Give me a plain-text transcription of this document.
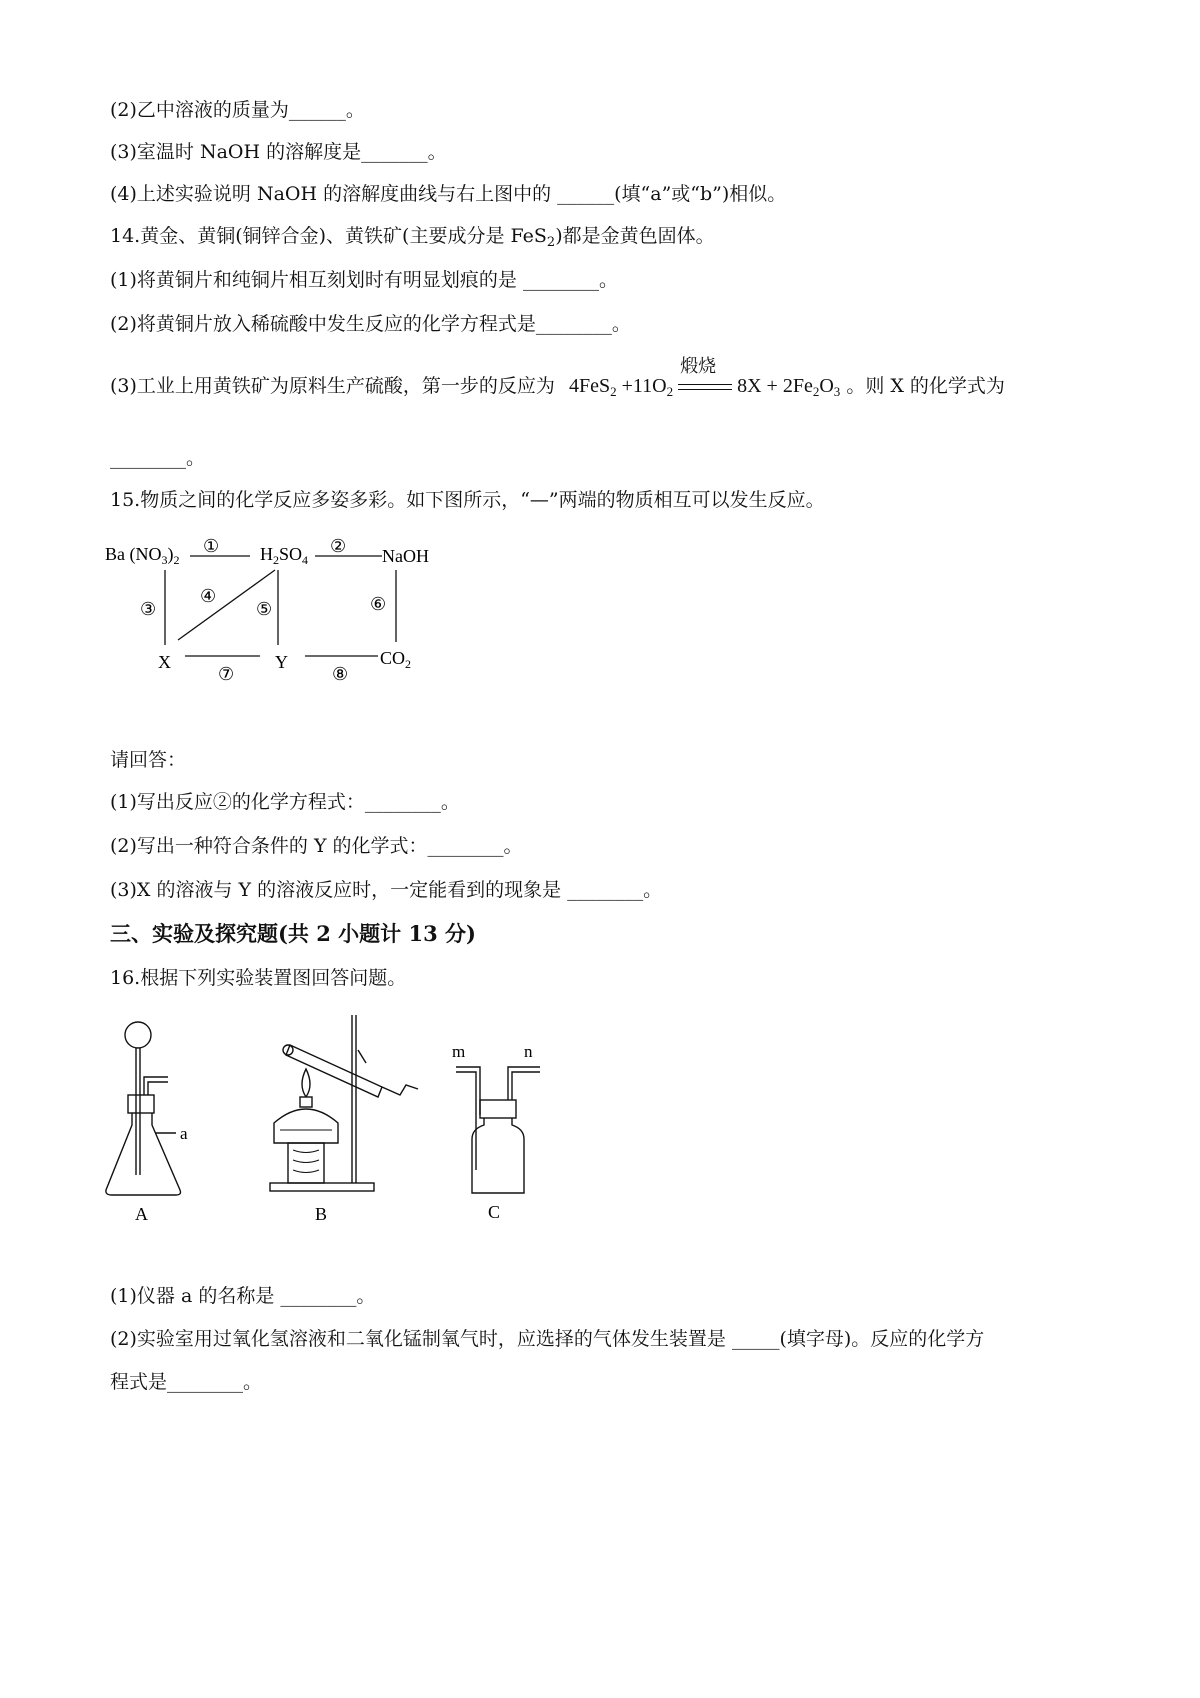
(2)乙中溶液的质量为______。
(3)室温时 NaOH 的溶解度是_______。
(4)上述实验说明 NaOH 的溶解度曲线与右上图中的 ______(填“a”或“b”)相似。
14.黄金、黄铜(铜锌合金)、黄铁矿(主要成分是 FeS$_2$)都是金黄色固体。
(1)将黄铜片和纯铜片相互刻划时有明显划痕的是 ________。
(2)将黄铜片放入稀硫酸中发生反应的化学方程式是________。
(3)工业上用黄铁矿为原料生产硫酸，第一步的反应为 $4FeS_2 +11O_2$
煅烧
$8X + 2Fe_2O_3$ 。则 X 的化学式为
________。
15.物质之间的化学反应多姿多彩。如下图所示，“—”两端的物质相互可以发生反应。
Ba $(NO_3)_2$	$H_2SO_4$	NaOH
X	Y	$CO_2$
①	②
③
④
⑤	⑥
⑦	⑧
请回答：
(1)写出反应②的化学方程式：________。
(2)写出一种符合条件的 Y 的化学式：________。
(3)X 的溶液与 Y 的溶液反应时，一定能看到的现象是 ________。
三、实验及探究题(共 2 小题计 13 分)
16.根据下列实验装置图回答问题。
a
A	B
m	n
C
(1)仪器 a 的名称是 ________。
(2)实验室用过氧化氢溶液和二氧化锰制氧气时，应选择的气体发生装置是 _____(填字母)。反应的化学方
程式是________。
